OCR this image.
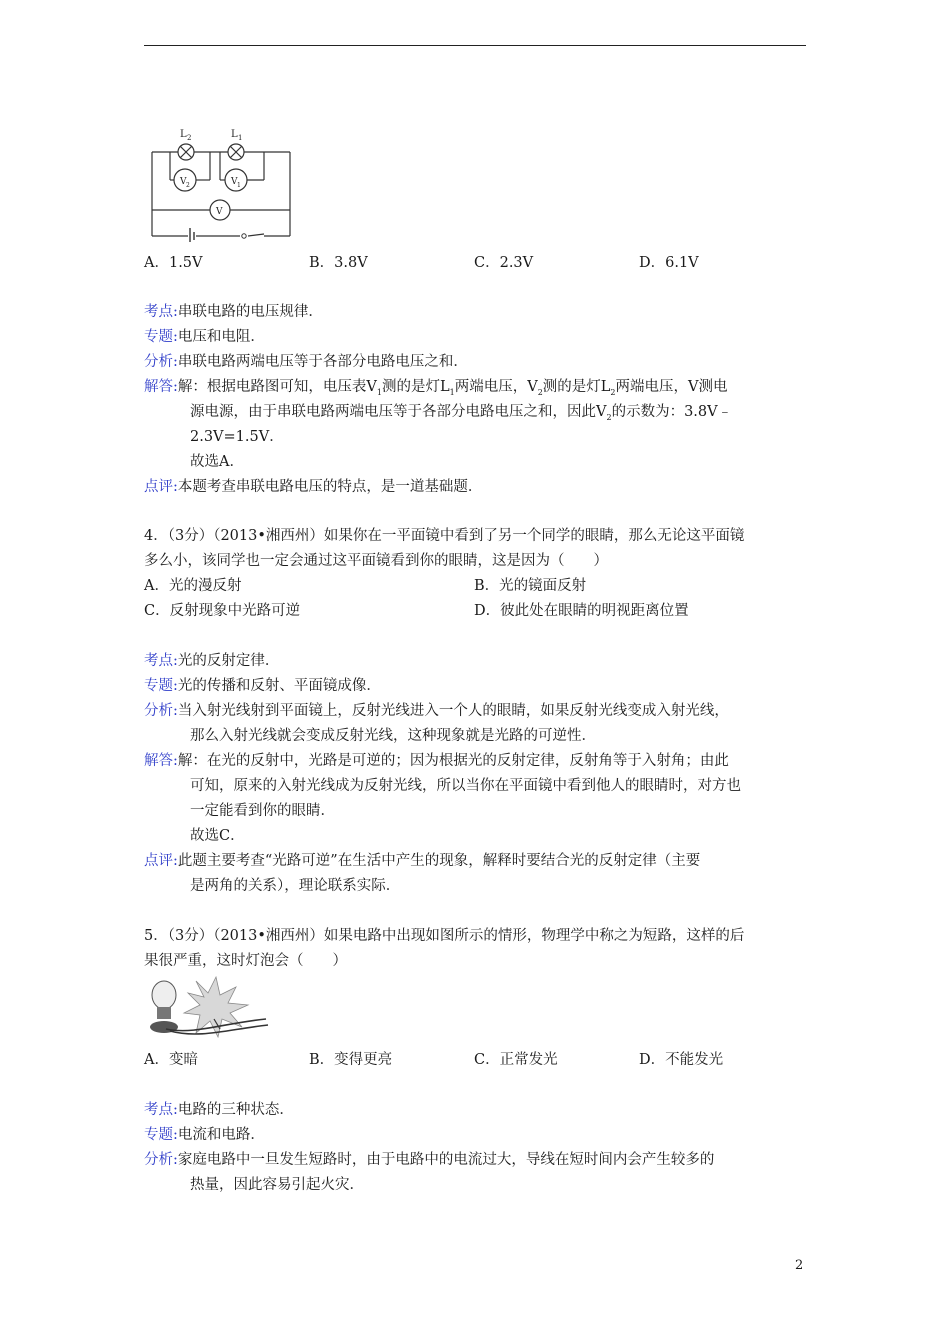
L 2	L 1
V 2	V 1
V
A．1.5V	B．3.8V	C．2.3V	D．6.1V
考点:串联电路的电压规律．
专题:电压和电阻．
分析:串联电路两端电压等于各部分电路电压之和．
解答:解：根据电路图可知，电压表$V_1$测的是灯$L_1$两端电压，$V_2$测的是灯$L_2$两端电压，V测电
源电源，由于串联电路两端电压等于各部分电路电压之和，因此$V_2$的示数为：3.8V﹣
2.3V=1.5V．
故选A．
点评:本题考查串联电路电压的特点，是一道基础题．
4．（3分）（2013•湘西州）如果你在一平面镜中看到了另一个同学的眼睛，那么无论这平面镜
多么小，该同学也一定会通过这平面镜看到你的眼睛，这是因为（　　）
A．光的漫反射	B．光的镜面反射
C．反射现象中光路可逆	D．彼此处在眼睛的明视距离位置
考点:光的反射定律．
专题:光的传播和反射、平面镜成像．
分析:当入射光线射到平面镜上，反射光线进入一个人的眼睛，如果反射光线变成入射光线，
那么入射光线就会变成反射光线，这种现象就是光路的可逆性．
解答:解：在光的反射中，光路是可逆的；因为根据光的反射定律，反射角等于入射角；由此
可知，原来的入射光线成为反射光线，所以当你在平面镜中看到他人的眼睛时，对方也
一定能看到你的眼睛．
故选C．
点评:此题主要考查“光路可逆”在生活中产生的现象，解释时要结合光的反射定律（主要
是两角的关系），理论联系实际．
5．（3分）（2013•湘西州）如果电路中出现如图所示的情形，物理学中称之为短路，这样的后
果很严重，这时灯泡会（　　）
A．变暗	B．变得更亮	C．正常发光	D．不能发光
考点:电路的三种状态．
专题:电流和电路．
分析:家庭电路中一旦发生短路时，由于电路中的电流过大，导线在短时间内会产生较多的
热量，因此容易引起火灾．
2
